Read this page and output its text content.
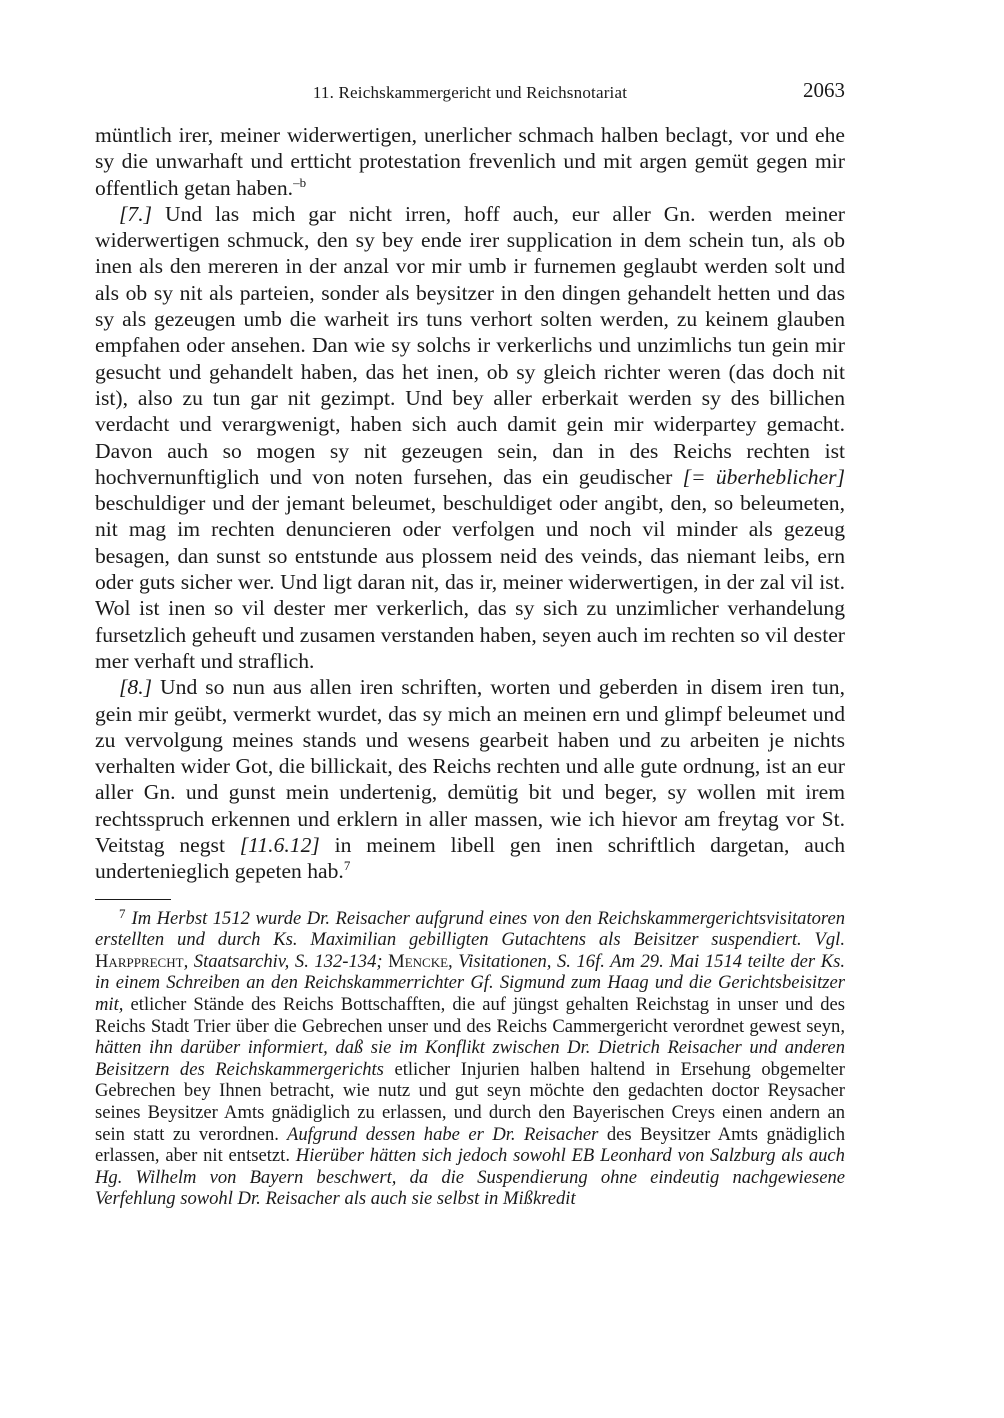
11. Reichskammergericht und Reichsnotariat	2063

müntlich irer, meiner widerwertigen, unerlicher schmach halben beclagt, vor und ehe sy die unwarhaft und ertticht protestation frevenlich und mit argen gemüt gegen mir offentlich getan haben.$^{-b}$

[7.] Und las mich gar nicht irren, hoff auch, eur aller Gn. werden meiner widerwertigen schmuck, den sy bey ende irer supplication in dem schein tun, als ob inen als den mereren in der anzal vor mir umb ir furnemen geglaubt werden solt und als ob sy nit als parteien, sonder als beysitzer in den dingen gehandelt hetten und das sy als gezeugen umb die warheit irs tuns verhort solten werden, zu keinem glauben empfahen oder ansehen. Dan wie sy solchs ir verkerlichs und unzimlichs tun gein mir gesucht und gehandelt haben, das het inen, ob sy gleich richter weren (das doch nit ist), also zu tun gar nit gezimpt. Und bey aller erberkait werden sy des billichen verdacht und verargwenigt, haben sich auch damit gein mir widerpartey gemacht. Davon auch so mogen sy nit gezeugen sein, dan in des Reichs rechten ist hochvernunftiglich und von noten fursehen, das ein geudischer [= überheblicher] beschuldiger und der jemant beleumet, beschuldiget oder angibt, den, so beleumeten, nit mag im rechten denuncieren oder verfolgen und noch vil minder als gezeug besagen, dan sunst so entstunde aus plossem neid des veinds, das niemant leibs, ern oder guts sicher wer. Und ligt daran nit, das ir, meiner widerwertigen, in der zal vil ist. Wol ist inen so vil dester mer verkerlich, das sy sich zu unzimlicher verhandelung fursetzlich geheuft und zusamen verstanden haben, seyen auch im rechten so vil dester mer verhaft und straflich.

[8.] Und so nun aus allen iren schriften, worten und geberden in disem iren tun, gein mir geübt, vermerkt wurdet, das sy mich an meinen ern und glimpf beleumet und zu vervolgung meines stands und wesens gearbeit haben und zu arbeiten je nichts verhalten wider Got, die billickait, des Reichs rechten und alle gute ordnung, ist an eur aller Gn. und gunst mein undertenig, demütig bit und beger, sy wollen mit irem rechtsspruch erkennen und erklern in aller massen, wie ich hievor am freytag vor St. Veitstag negst [11.6.12] in meinem libell gen inen schriftlich dargetan, auch undertenieglich gepeten hab.$^7$

$^7$ Im Herbst 1512 wurde Dr. Reisacher aufgrund eines von den Reichskammergerichtsvisitatoren erstellten und durch Ks. Maximilian gebilligten Gutachtens als Beisitzer suspendiert. Vgl. Harpprecht, Staatsarchiv, S. 132-134; Mencke, Visitationen, S. 16f. Am 29. Mai 1514 teilte der Ks. in einem Schreiben an den Reichskammerrichter Gf. Sigmund zum Haag und die Gerichtsbeisitzer mit, etlicher Stände des Reichs Bottschafften, die auf jüngst gehalten Reichstag in unser und des Reichs Stadt Trier über die Gebrechen unser und des Reichs Cammergericht verordnet gewest seyn, hätten ihn darüber informiert, daß sie im Konflikt zwischen Dr. Dietrich Reisacher und anderen Beisitzern des Reichskammergerichts etlicher Injurien halben haltend in Ersehung obgemelter Gebrechen bey Ihnen betracht, wie nutz und gut seyn möchte den gedachten doctor Reysacher seines Beysitzer Amts gnädiglich zu erlassen, und durch den Bayerischen Creys einen andern an sein statt zu verordnen. Aufgrund dessen habe er Dr. Reisacher des Beysitzer Amts gnädiglich erlassen, aber nit entsetzt. Hierüber hätten sich jedoch sowohl EB Leonhard von Salzburg als auch Hg. Wilhelm von Bayern beschwert, da die Suspendierung ohne eindeutig nachgewiesene Verfehlung sowohl Dr. Reisacher als auch sie selbst in Mißkredit
